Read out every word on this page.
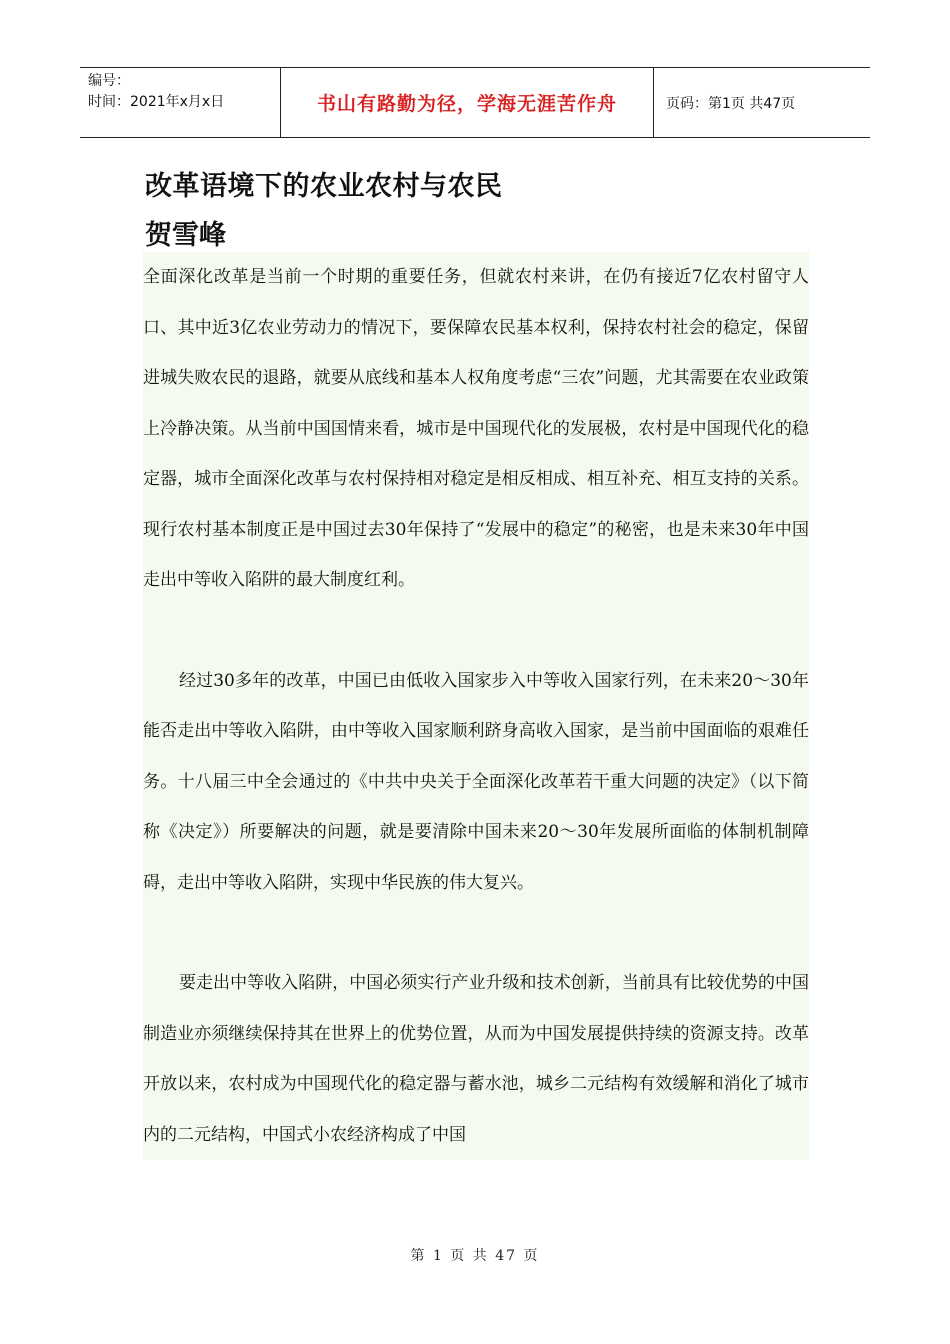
编号：
时间：2021年x月x日	书山有路勤为径，学海无涯苦作舟	页码：第1页 共47页
改革语境下的农业农村与农民
贺雪峰

全面深化改革是当前一个时期的重要任务，但就农村来讲，在仍有接近7亿农村留守人口、其中近3亿农业劳动力的情况下，要保障农民基本权利，保持农村社会的稳定，保留进城失败农民的退路，就要从底线和基本人权角度考虑“三农”问题，尤其需要在农业政策上冷静决策。从当前中国国情来看，城市是中国现代化的发展极，农村是中国现代化的稳定器，城市全面深化改革与农村保持相对稳定是相反相成、相互补充、相互支持的关系。现行农村基本制度正是中国过去30年保持了“发展中的稳定”的秘密，也是未来30年中国走出中等收入陷阱的最大制度红利。

经过30多年的改革，中国已由低收入国家步入中等收入国家行列，在未来20～30年能否走出中等收入陷阱，由中等收入国家顺利跻身高收入国家，是当前中国面临的艰难任务。十八届三中全会通过的《中共中央关于全面深化改革若干重大问题的决定》（以下简称《决定》）所要解决的问题，就是要清除中国未来20～30年发展所面临的体制机制障碍，走出中等收入陷阱，实现中华民族的伟大复兴。

要走出中等收入陷阱，中国必须实行产业升级和技术创新，当前具有比较优势的中国制造业亦须继续保持其在世界上的优势位置，从而为中国发展提供持续的资源支持。改革开放以来，农村成为中国现代化的稳定器与蓄水池，城乡二元结构有效缓解和消化了城市内的二元结构，中国式小农经济构成了中国

第 1 页 共 47 页
